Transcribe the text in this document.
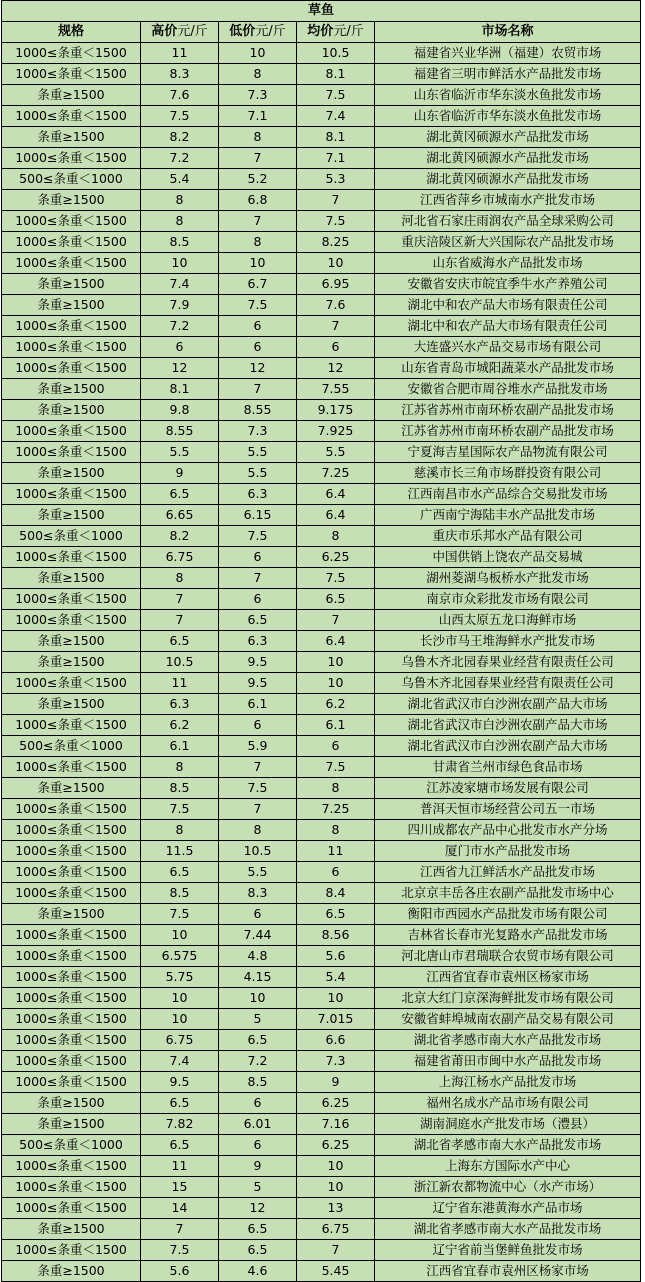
草鱼				
规格	高价元/斤	低价元/斤	均价元/斤	市场名称
1000≤条重＜1500	11	10	10.5	福建省兴业华洲（福建）农贸市场
1000≤条重＜1500	8.3	8	8.1	福建省三明市鲜活水产品批发市场
条重≥1500	7.6	7.3	7.5	山东省临沂市华东淡水鱼批发市场
1000≤条重＜1500	7.5	7.1	7.4	山东省临沂市华东淡水鱼批发市场
条重≥1500	8.2	8	8.1	湖北黄冈硕源水产品批发市场
1000≤条重＜1500	7.2	7	7.1	湖北黄冈硕源水产品批发市场
500≤条重＜1000	5.4	5.2	5.3	湖北黄冈硕源水产品批发市场
条重≥1500	8	6.8	7	江西省萍乡市城南水产批发市场
1000≤条重＜1500	8	7	7.5	河北省石家庄雨润农产品全球采购公司
1000≤条重＜1500	8.5	8	8.25	重庆涪陵区新大兴国际农产品批发市场
1000≤条重＜1500	10	10	10	山东省威海水产品批发市场
条重≥1500	7.4	6.7	6.95	安徽省安庆市皖宜季牛水产养殖公司
条重≥1500	7.9	7.5	7.6	湖北中和农产品大市场有限责任公司
1000≤条重＜1500	7.2	6	7	湖北中和农产品大市场有限责任公司
1000≤条重＜1500	6	6	6	大连盛兴水产品交易市场有限公司
1000≤条重＜1500	12	12	12	山东省青岛市城阳蔬菜水产品批发市场
条重≥1500	8.1	7	7.55	安徽省合肥市周谷堆水产品批发市场
条重≥1500	9.8	8.55	9.175	江苏省苏州市南环桥农副产品批发市场
1000≤条重＜1500	8.55	7.3	7.925	江苏省苏州市南环桥农副产品批发市场
1000≤条重＜1500	5.5	5.5	5.5	宁夏海吉星国际农产品物流有限公司
条重≥1500	9	5.5	7.25	慈溪市长三角市场群投资有限公司
1000≤条重＜1500	6.5	6.3	6.4	江西南昌市水产品综合交易批发市场
条重≥1500	6.65	6.15	6.4	广西南宁海陆丰水产品批发市场
500≤条重＜1000	8.2	7.5	8	重庆市乐邦水产品有限公司
1000≤条重＜1500	6.75	6	6.25	中国供销上饶农产品交易城
条重≥1500	8	7	7.5	湖州菱湖乌板桥水产批发市场
1000≤条重＜1500	7	6	6.5	南京市众彩批发市场有限公司
1000≤条重＜1500	7	6.5	7	山西太原五龙口海鲜市场
条重≥1500	6.5	6.3	6.4	长沙市马王堆海鲜水产批发市场
条重≥1500	10.5	9.5	10	乌鲁木齐北园春果业经营有限责任公司
1000≤条重＜1500	11	9.5	10	乌鲁木齐北园春果业经营有限责任公司
条重≥1500	6.3	6.1	6.2	湖北省武汉市白沙洲农副产品大市场
1000≤条重＜1500	6.2	6	6.1	湖北省武汉市白沙洲农副产品大市场
500≤条重＜1000	6.1	5.9	6	湖北省武汉市白沙洲农副产品大市场
1000≤条重＜1500	8	7	7.5	甘肃省兰州市绿色食品市场
条重≥1500	8.5	7.5	8	江苏凌家塘市场发展有限公司
1000≤条重＜1500	7.5	7	7.25	普洱天恒市场经营公司五一市场
1000≤条重＜1500	8	8	8	四川成都农产品中心批发市水产分场
1000≤条重＜1500	11.5	10.5	11	厦门市水产品批发市场
1000≤条重＜1500	6.5	5.5	6	江西省九江鲜活水产品批发市场
1000≤条重＜1500	8.5	8.3	8.4	北京京丰岳各庄农副产品批发市场中心
条重≥1500	7.5	6	6.5	衡阳市西园水产品批发市场有限公司
1000≤条重＜1500	10	7.44	8.56	吉林省长春市光复路水产品批发市场
1000≤条重＜1500	6.575	4.8	5.6	河北唐山市君瑞联合农贸市场有限公司
1000≤条重＜1500	5.75	4.15	5.4	江西省宜春市袁州区杨家市场
1000≤条重＜1500	10	10	10	北京大红门京深海鲜批发市场有限公司
1000≤条重＜1500	10	5	7.015	安徽省蚌埠城南农副产品交易有限公司
1000≤条重＜1500	6.75	6.5	6.6	湖北省孝感市南大水产品批发市场
1000≤条重＜1500	7.4	7.2	7.3	福建省莆田市闽中水产品批发市场
1000≤条重＜1500	9.5	8.5	9	上海江杨水产品批发市场
条重≥1500	6.5	6	6.25	福州名成水产品市场有限公司
条重≥1500	7.82	6.01	7.16	湖南洞庭水产批发市场（澧县）
500≤条重＜1000	6.5	6	6.25	湖北省孝感市南大水产品批发市场
1000≤条重＜1500	11	9	10	上海东方国际水产中心
1000≤条重＜1500	15	5	10	浙江新农都物流中心（水产市场）
1000≤条重＜1500	14	12	13	辽宁省东港黄海水产品市场
条重≥1500	7	6.5	6.75	湖北省孝感市南大水产品批发市场
1000≤条重＜1500	7.5	6.5	7	辽宁省前当堡鲜鱼批发市场
条重≥1500	5.6	4.6	5.45	江西省宜春市袁州区杨家市场
